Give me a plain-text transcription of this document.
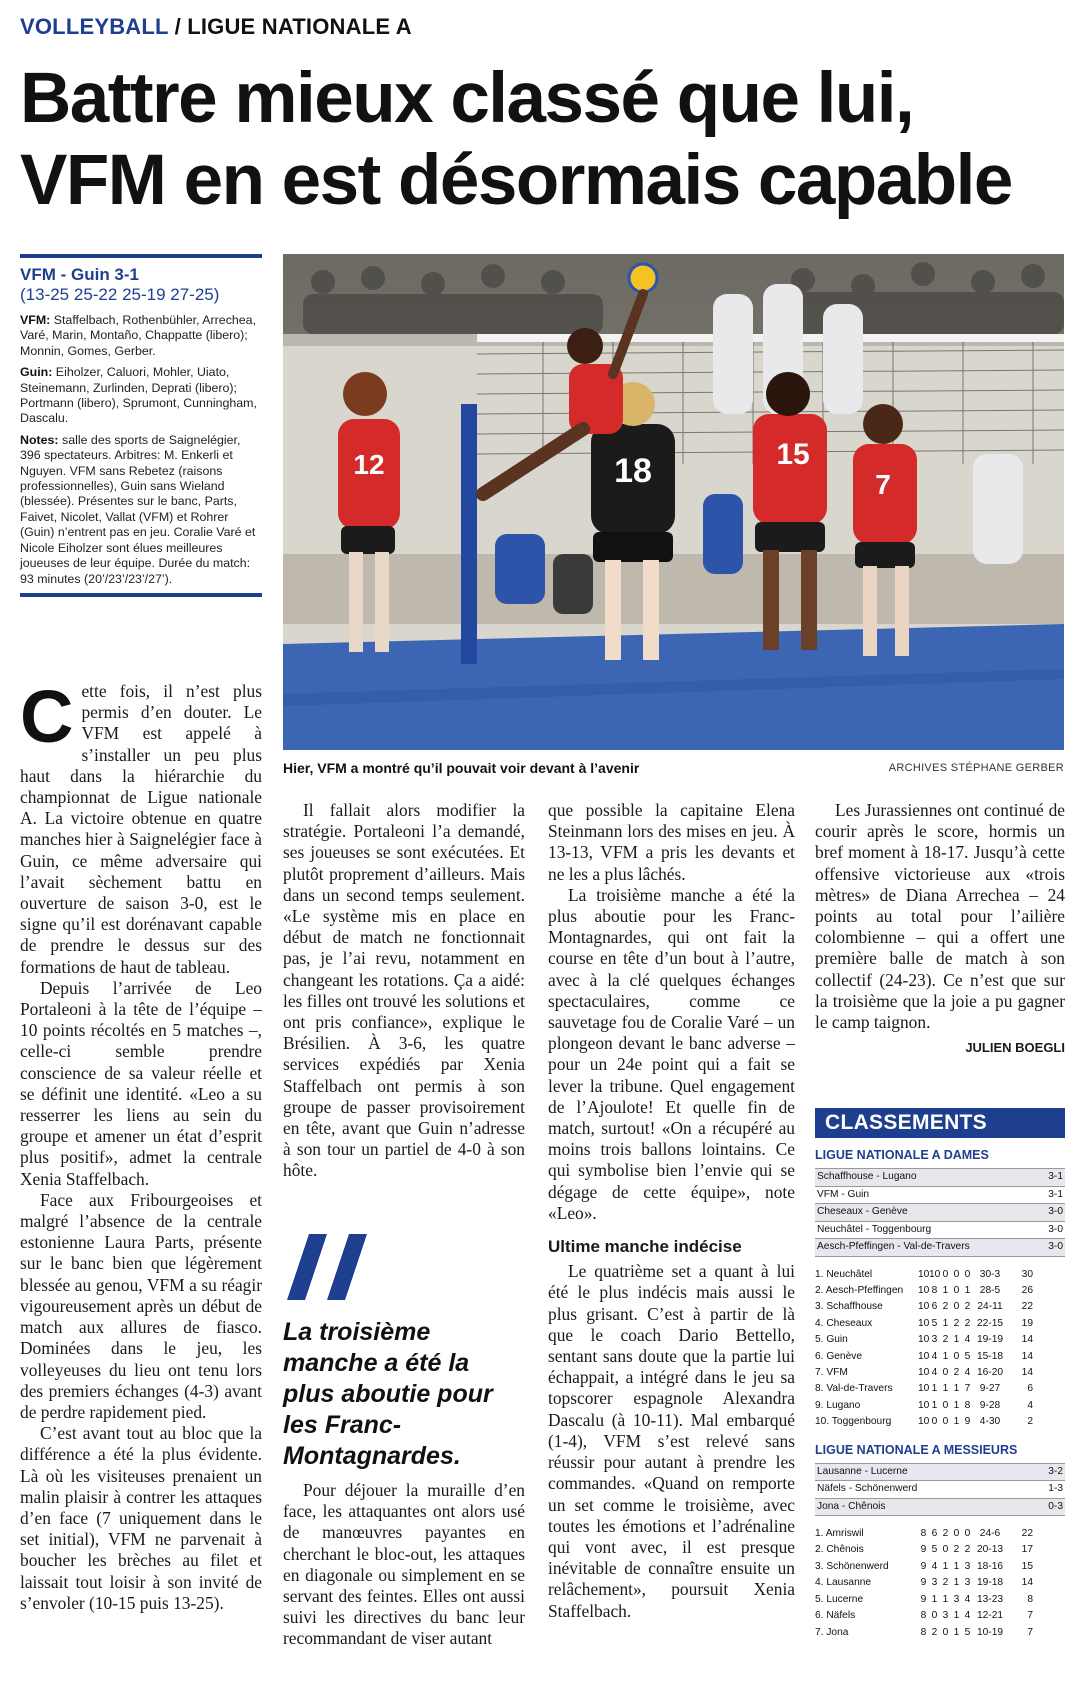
VOLLEYBALL / LIGUE NATIONALE A
Battre mieux classé que lui,
VFM en est désormais capable
VFM - Guin 3-1
(13-25 25-22 25-19 27-25)

VFM: Staffelbach, Rothenbühler, Arrechea, Varé, Marin, Montaño, Chappatte (libero); Monnin, Gomes, Gerber.

Guin: Eiholzer, Caluori, Mohler, Uiato, Steinemann, Zurlinden, Deprati (libero); Portmann (libero), Sprumont, Cunningham, Dascalu.

Notes: salle des sports de Saignelégier, 396 spectateurs. Arbitres: M. Enkerli et Nguyen. VFM sans Rebetez (raisons professionnelles), Guin sans Wieland (blessée). Présentes sur le banc, Parts, Faivet, Nicolet, Vallat (VFM) et Rohrer (Guin) n’entrent pas en jeu. Coralie Varé et Nicole Eiholzer sont élues meilleures joueuses de leur équipe. Durée du match: 93 minutes (20’/23’/23’/27’).

12	18	15
7
Hier, VFM a montré qu’il pouvait voir devant à l’avenir	ARCHIVES STÉPHANE GERBER

Cette fois, il n’est plus permis d’en douter. Le VFM est appelé à s’installer un peu plus haut dans la hiérarchie du championnat de Ligue nationale A. La victoire obtenue en quatre manches hier à Saignelégier face à Guin, ce même adversaire qui l’avait sèchement battu en ouverture de saison 3-0, est le signe qu’il est dorénavant capable de prendre le dessus sur des formations de haut de tableau.

Depuis l’arrivée de Leo Portaleoni à la tête de l’équipe – 10 points récoltés en 5 matches –, celle-ci semble prendre conscience de sa valeur réelle et se définit une identité. «Leo a su resserrer les liens au sein du groupe et amener un état d’esprit plus positif», admet la centrale Xenia Staffelbach.

Face aux Fribourgeoises et malgré l’absence de la centrale estonienne Laura Parts, présente sur le banc bien que légèrement blessée au genou, VFM a su réagir vigoureusement après un début de match aux allures de fiasco. Dominées dans le jeu, les volleyeuses du lieu ont tenu lors des premiers échanges (4-3) avant de perdre rapidement pied.

C’est avant tout au bloc que la différence a été la plus évidente. Là où les visiteuses prenaient un malin plaisir à contrer les attaques d’en face (7 uniquement dans le set initial), VFM ne parvenait à boucher les brèches au filet et laissait tout loisir à son invité de s’envoler (10-15 puis 13-25).

Il fallait alors modifier la stratégie. Portaleoni l’a demandé, ses joueuses se sont exécutées. Et plutôt proprement d’ailleurs. Mais dans un second temps seulement. «Le système mis en place en début de match ne fonctionnait pas, je l’ai revu, notamment en changeant les rotations. Ça a aidé: les filles ont trouvé les solutions et ont pris confiance», explique le Brésilien. À 3-6, les quatre services expédiés par Xenia Staffelbach ont permis à son groupe de passer provisoirement en tête, avant que Guin n’adresse à son tour un partiel de 4-0 à son hôte.

La troisième manche a été la plus aboutie pour les Franc-Montagnardes.

Pour déjouer la muraille d’en face, les attaquantes ont alors usé de manœuvres payantes en cherchant le bloc-out, les attaques en diagonale ou simplement en se servant des feintes. Elles ont aussi suivi les directives du banc leur recommandant de viser autant

que possible la capitaine Elena Steinmann lors des mises en jeu. À 13-13, VFM a pris les devants et ne les a plus lâchés.

La troisième manche a été la plus aboutie pour les Franc-Montagnardes, qui ont fait la course en tête d’un bout à l’autre, avec à la clé quelques échanges spectaculaires, comme ce sauvetage fou de Coralie Varé – un plongeon devant le banc adverse – pour un 24e point qui a fait se lever la tribune. Quel engagement de l’Ajoulote! Et quelle fin de match, surtout! «On a récupéré au moins trois ballons lointains. Ce qui symbolise bien l’envie qui se dégage de cette équipe», note «Leo».

Ultime manche indécise

Le quatrième set a quant à lui été le plus indécis mais aussi le plus grisant. C’est à partir de là que le coach Dario Bettello, sentant sans doute que la partie lui échappait, a intégré dans le jeu sa topscorer espagnole Alexandra Dascalu (à 10-11). Mal embarqué (1-4), VFM s’est relevé sans réussir pour autant à prendre les commandes. «Quand on remporte un set comme le troisième, avec toutes les émotions et l’adrénaline qui vont avec, il est presque inévitable de connaître ensuite un relâchement», poursuit Xenia Staffelbach.

Les Jurassiennes ont continué de courir après le score, hormis un bref moment à 18-17. Jusqu’à cette offensive victorieuse aux «trois mètres» de Diana Arrechea – 24 points au total pour l’ailière colombienne – qui a offert une première balle de match à son collectif (24-23). Ce n’est que sur la troisième que la joie a pu gagner le camp taignon.

JULIEN BOEGLI
CLASSEMENTS
LIGUE NATIONALE A DAMES
Schaffhouse - Lugano	3-1
VFM - Guin	3-1
Cheseaux - Genève	3-0
Neuchâtel - Toggenbourg	3-0
Aesch-Pfeffingen - Val-de-Travers	3-0
1. Neuchâtel	10 10 0 0 0 30-3	30
2. Aesch-Pfeffingen	10 8 1 0 1 28-5	26
3. Schaffhouse	10 6 2 0 2 24-11	22
4. Cheseaux	10 5 1 2 2 22-15	19
5. Guin	10 3 2 1 4 19-19	14
6. Genève	10 4 1 0 5 15-18	14
7. VFM	10 4 0 2 4 16-20	14
8. Val-de-Travers	10 1 1 1 7 9-27	6
9. Lugano	10 1 0 1 8 9-28	4
10. Toggenbourg	10 0 0 1 9 4-30	2
LIGUE NATIONALE A MESSIEURS
Lausanne - Lucerne	3-2
Näfels - Schönenwerd	1-3
Jona - Chênois	0-3
1. Amriswil	8 6 2 0 0 24-6	22
2. Chênois	9 5 0 2 2 20-13	17
3. Schönenwerd	9 4 1 1 3 18-16	15
4. Lausanne	9 3 2 1 3 19-18	14
5. Lucerne	9 1 1 3 4 13-23	8
6. Näfels	8 0 3 1 4 12-21	7
7. Jona	8 2 0 1 5 10-19	7
